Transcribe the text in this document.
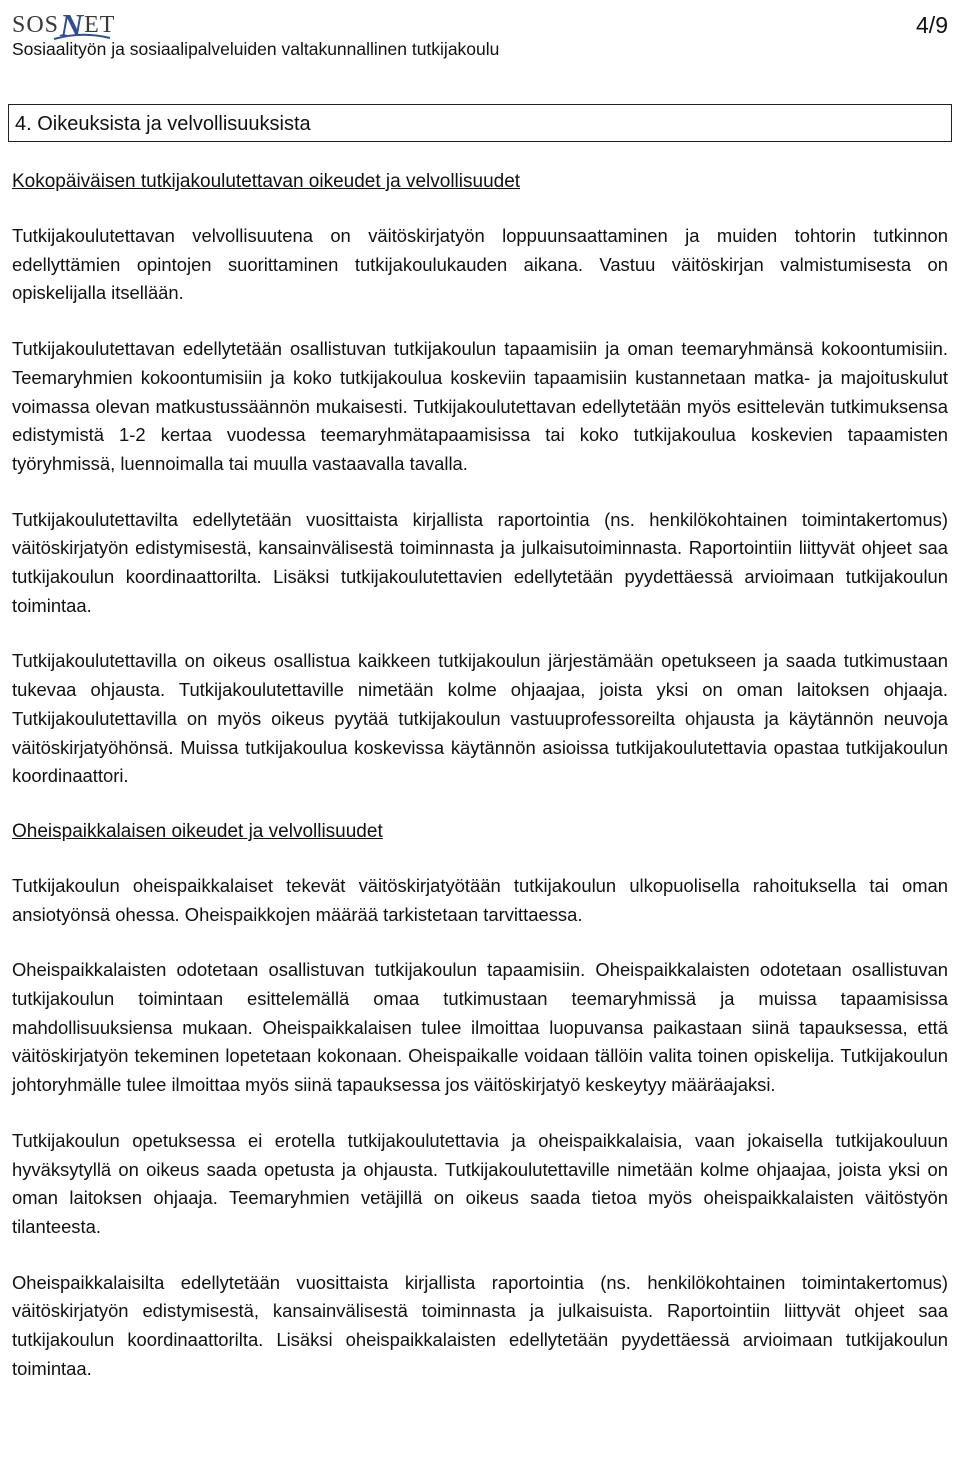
SOS N ET
Sosiaalityön ja sosiaalipalveluiden valtakunnallinen tutkijakoulu
4/9
4. Oikeuksista ja velvollisuuksista
Kokopäiväisen tutkijakoulutettavan oikeudet ja velvollisuudet

Tutkijakoulutettavan velvollisuutena on väitöskirjatyön loppuunsaattaminen ja muiden tohtorin tutkinnon edellyttämien opintojen suorittaminen tutkijakoulukauden aikana. Vastuu väitöskirjan valmistumisesta on opiskelijalla itsellään.

Tutkijakoulutettavan edellytetään osallistuvan tutkijakoulun tapaamisiin ja oman teemaryhmänsä kokoontumisiin. Teemaryhmien kokoontumisiin ja koko tutkijakoulua koskeviin tapaamisiin kustannetaan matka- ja majoituskulut voimassa olevan matkustussäännön mukaisesti. Tutkijakoulutettavan edellytetään myös esittelevän tutkimuksensa edistymistä 1-2 kertaa vuodessa teemaryhmätapaamisissa tai koko tutkijakoulua koskevien tapaamisten työryhmissä, luennoimalla tai muulla vastaavalla tavalla.

Tutkijakoulutettavilta edellytetään vuosittaista kirjallista raportointia (ns. henkilökohtainen toimintakertomus) väitöskirjatyön edistymisestä, kansainvälisestä toiminnasta ja julkaisutoiminnasta. Raportointiin liittyvät ohjeet saa tutkijakoulun koordinaattorilta. Lisäksi tutkijakoulutettavien edellytetään pyydettäessä arvioimaan tutkijakoulun toimintaa.

Tutkijakoulutettavilla on oikeus osallistua kaikkeen tutkijakoulun järjestämään opetukseen ja saada tutkimustaan tukevaa ohjausta. Tutkijakoulutettaville nimetään kolme ohjaajaa, joista yksi on oman laitoksen ohjaaja. Tutkijakoulutettavilla on myös oikeus pyytää tutkijakoulun vastuuprofessoreilta ohjausta ja käytännön neuvoja väitöskirjatyöhönsä. Muissa tutkijakoulua koskevissa käytännön asioissa tutkijakoulutettavia opastaa tutkijakoulun koordinaattori.

Oheispaikkalaisen oikeudet ja velvollisuudet

Tutkijakoulun oheispaikkalaiset tekevät väitöskirjatyötään tutkijakoulun ulkopuolisella rahoituksella tai oman ansiotyönsä ohessa. Oheispaikkojen määrää tarkistetaan tarvittaessa.

Oheispaikkalaisten odotetaan osallistuvan tutkijakoulun tapaamisiin. Oheispaikkalaisten odotetaan osallistuvan tutkijakoulun toimintaan esittelemällä omaa tutkimustaan teemaryhmissä ja muissa tapaamisissa mahdollisuuksiensa mukaan. Oheispaikkalaisen tulee ilmoittaa luopuvansa paikastaan siinä tapauksessa, että väitöskirjatyön tekeminen lopetetaan kokonaan. Oheispaikalle voidaan tällöin valita toinen opiskelija. Tutkijakoulun johtoryhmälle tulee ilmoittaa myös siinä tapauksessa jos väitöskirjatyö keskeytyy määräajaksi.

Tutkijakoulun opetuksessa ei erotella tutkijakoulutettavia ja oheispaikkalaisia, vaan jokaisella tutkijakouluun hyväksytyllä on oikeus saada opetusta ja ohjausta. Tutkijakoulutettaville nimetään kolme ohjaajaa, joista yksi on oman laitoksen ohjaaja. Teemaryhmien vetäjillä on oikeus saada tietoa myös oheispaikkalaisten väitöstyön tilanteesta.

Oheispaikkalaisilta edellytetään vuosittaista kirjallista raportointia (ns. henkilökohtainen toimintakertomus) väitöskirjatyön edistymisestä, kansainvälisestä toiminnasta ja julkaisuista. Raportointiin liittyvät ohjeet saa tutkijakoulun koordinaattorilta. Lisäksi oheispaikkalaisten edellytetään pyydettäessä arvioimaan tutkijakoulun toimintaa.
